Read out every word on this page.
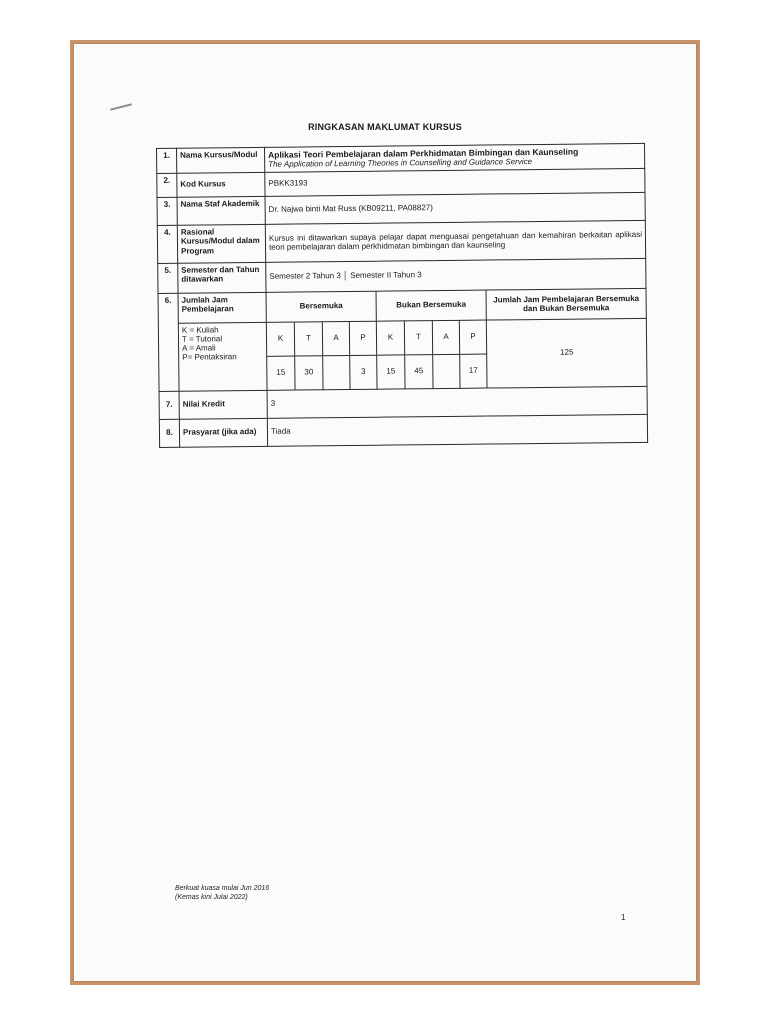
RINGKASAN MAKLUMAT KURSUS
1.	Nama Kursus/Modul	Aplikasi Teori Pembelajaran dalam Perkhidmatan Bimbingan dan Kaunseling
The Application of Learning Theories in Counselling and Guidance Service								

2.	Kod Kursus	PBKK3193								
3.	Nama Staf Akademik	Dr. Najwa binti Mat Russ (KB09211, PA08827)								
4.	Rasional Kursus/Modul dalam Program	Kursus ini ditawarkan supaya pelajar dapat menguasai pengetahuan dan kemahiran berkaitan aplikasi teori pembelajaran dalam perkhidmatan bimbingan dan kaunseling								
5.	Semester dan Tahun ditawarkan	Semester 2 Tahun 3 │ Semester II Tahun 3								
6.	Jumlah Jam Pembelajaran	Bersemuka				Bukan Bersemuka				Jumlah Jam Pembelajaran Bersemuka dan Bukan Bersemuka

	K = Kuliah
T = Tutorial
A = Amali
P= Pentaksiran	K	T	A	P	K	T	A	P	125
		15	30		3	15	45		17	
7.	Nilai Kredit	3								
8.	Prasyarat (jika ada)	Tiada								
Berkuat kuasa mulai Jun 2016
(Kemas kini Julai 2022)
1
